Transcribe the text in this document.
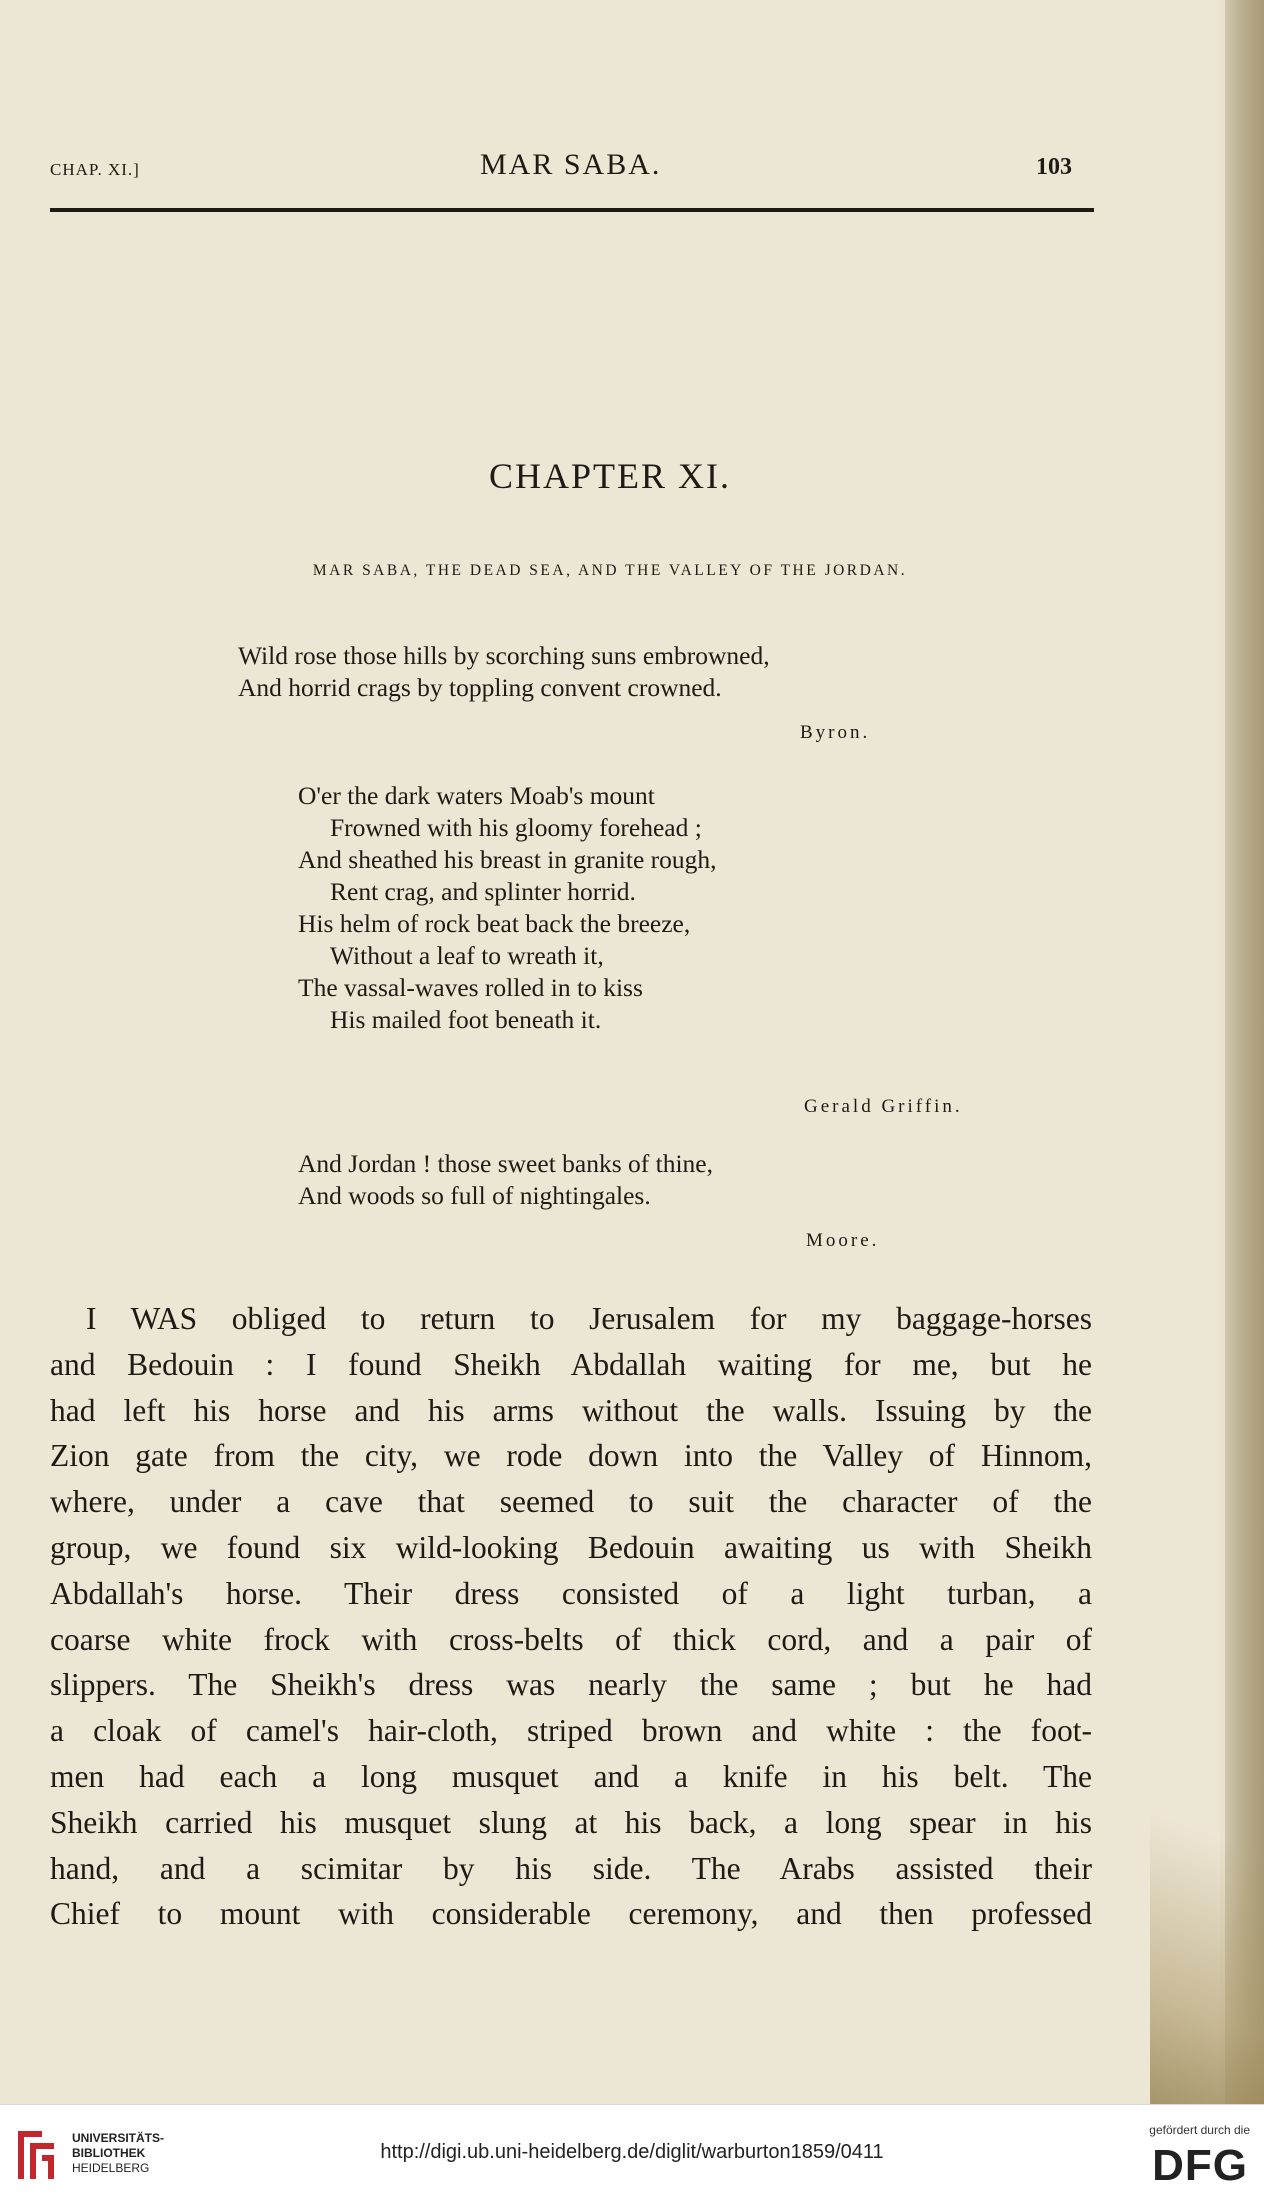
CHAP. XI.]	MAR SABA.	103
CHAPTER XI.
MAR SABA, THE DEAD SEA, AND THE VALLEY OF THE JORDAN.
Wild rose those hills by scorching suns embrowned,
And horrid crags by toppling convent crowned.
Byron.
O'er the dark waters Moab's mount
Frowned with his gloomy forehead ;
And sheathed his breast in granite rough,
Rent crag, and splinter horrid.
His helm of rock beat back the breeze,
Without a leaf to wreath it,
The vassal-waves rolled in to kiss
His mailed foot beneath it.
Gerald Griffin.
And Jordan ! those sweet banks of thine,
And woods so full of nightingales.
Moore.
I WAS obliged to return to Jerusalem for my baggage-horses
and Bedouin : I found Sheikh Abdallah waiting for me, but he
had left his horse and his arms without the walls. Issuing by the
Zion gate from the city, we rode down into the Valley of Hinnom,
where, under a cave that seemed to suit the character of the
group, we found six wild-looking Bedouin awaiting us with Sheikh
Abdallah's horse. Their dress consisted of a light turban, a
coarse white frock with cross-belts of thick cord, and a pair of
slippers. The Sheikh's dress was nearly the same ; but he had
a cloak of camel's hair-cloth, striped brown and white : the foot-
men had each a long musquet and a knife in his belt. The
Sheikh carried his musquet slung at his back, a long spear in his
hand, and a scimitar by his side. The Arabs assisted their
Chief to mount with considerable ceremony, and then professed
UNIVERSITÄTS-
BIBLIOTHEK
HEIDELBERG
http://digi.ub.uni-heidelberg.de/diglit/warburton1859/0411
gefördert durch die
DFG
